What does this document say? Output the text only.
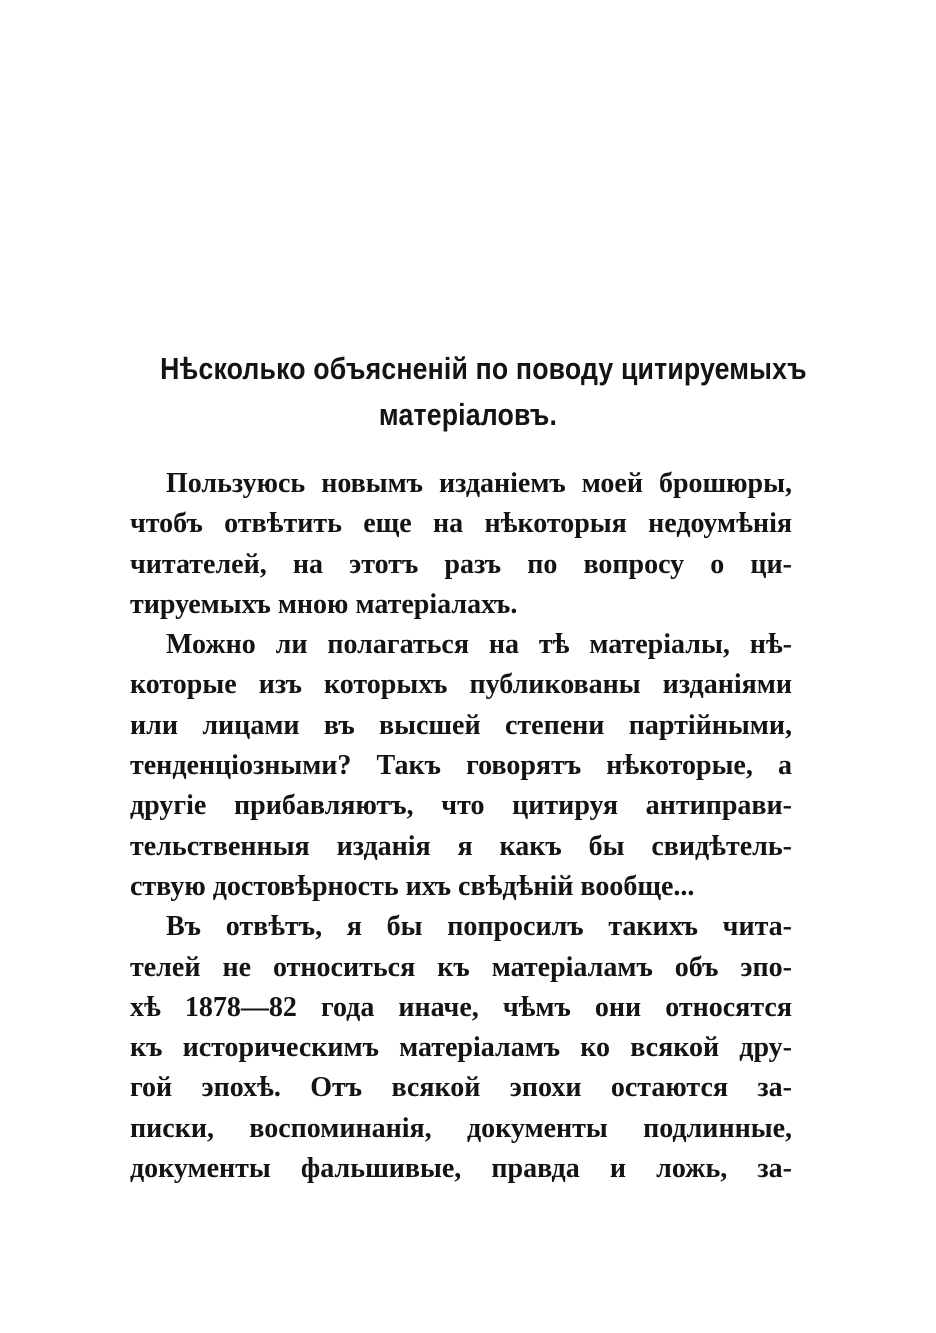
Нѣсколько объясненій по поводу цитируемыхъ
матеріаловъ.
Пользуюсь новымъ изданіемъ моей брошюры,
чтобъ отвѣтить еще на нѣкоторыя недоумѣнія
читателей, на этотъ разъ по вопросу о ци-
тируемыхъ мною матеріалахъ.
Можно ли полагаться на тѣ матеріалы, нѣ-
которые изъ которыхъ публикованы изданіями
или лицами въ высшей степени партійными,
тенденціозными? Такъ говорятъ нѣкоторые, а
другіе прибавляютъ, что цитируя антиправи-
тельственныя изданія я какъ бы свидѣтель-
ствую достовѣрность ихъ свѣдѣній вообще...
Въ отвѣтъ, я бы попросилъ такихъ чита-
телей не относиться къ матеріаламъ объ эпо-
хѣ 1878—82 года иначе, чѣмъ они относятся
къ историческимъ матеріаламъ ко всякой дру-
гой эпохѣ. Отъ всякой эпохи остаются за-
писки, воспоминанія, документы подлинные,
документы фальшивые, правда и ложь, за-
